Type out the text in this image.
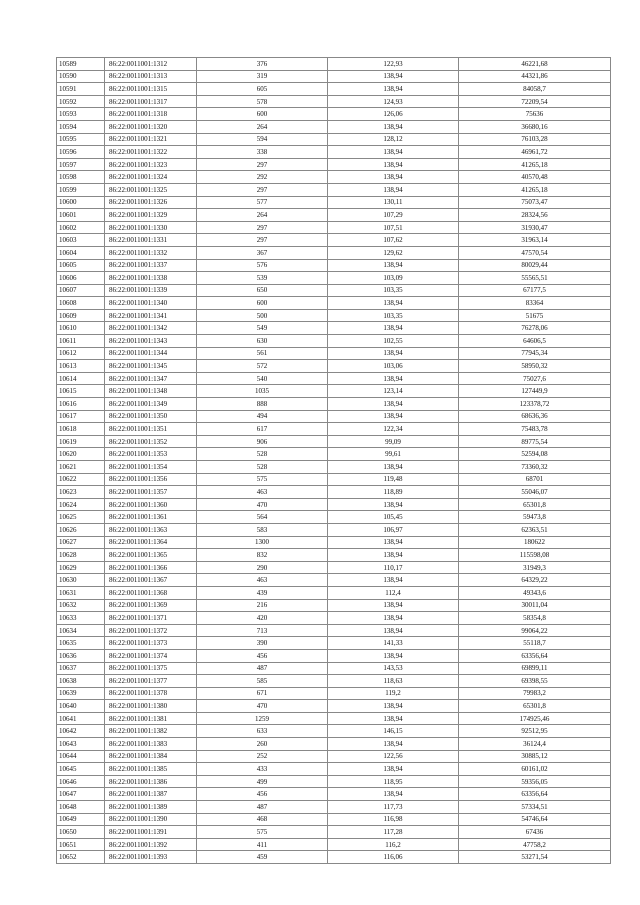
10589	86:22:0011001:1312	376	122,93	46221,68
10590	86:22:0011001:1313	319	138,94	44321,86
10591	86:22:0011001:1315	605	138,94	84058,7
10592	86:22:0011001:1317	578	124,93	72209,54
10593	86:22:0011001:1318	600	126,06	75636
10594	86:22:0011001:1320	264	138,94	36680,16
10595	86:22:0011001:1321	594	128,12	76103,28
10596	86:22:0011001:1322	338	138,94	46961,72
10597	86:22:0011001:1323	297	138,94	41265,18
10598	86:22:0011001:1324	292	138,94	40570,48
10599	86:22:0011001:1325	297	138,94	41265,18
10600	86:22:0011001:1326	577	130,11	75073,47
10601	86:22:0011001:1329	264	107,29	28324,56
10602	86:22:0011001:1330	297	107,51	31930,47
10603	86:22:0011001:1331	297	107,62	31963,14
10604	86:22:0011001:1332	367	129,62	47570,54
10605	86:22:0011001:1337	576	138,94	80029,44
10606	86:22:0011001:1338	539	103,09	55565,51
10607	86:22:0011001:1339	650	103,35	67177,5
10608	86:22:0011001:1340	600	138,94	83364
10609	86:22:0011001:1341	500	103,35	51675
10610	86:22:0011001:1342	549	138,94	76278,06
10611	86:22:0011001:1343	630	102,55	64606,5
10612	86:22:0011001:1344	561	138,94	77945,34
10613	86:22:0011001:1345	572	103,06	58950,32
10614	86:22:0011001:1347	540	138,94	75027,6
10615	86:22:0011001:1348	1035	123,14	127449,9
10616	86:22:0011001:1349	888	138,94	123378,72
10617	86:22:0011001:1350	494	138,94	68636,36
10618	86:22:0011001:1351	617	122,34	75483,78
10619	86:22:0011001:1352	906	99,09	89775,54
10620	86:22:0011001:1353	528	99,61	52594,08
10621	86:22:0011001:1354	528	138,94	73360,32
10622	86:22:0011001:1356	575	119,48	68701
10623	86:22:0011001:1357	463	118,89	55046,07
10624	86:22:0011001:1360	470	138,94	65301,8
10625	86:22:0011001:1361	564	105,45	59473,8
10626	86:22:0011001:1363	583	106,97	62363,51
10627	86:22:0011001:1364	1300	138,94	180622
10628	86:22:0011001:1365	832	138,94	115598,08
10629	86:22:0011001:1366	290	110,17	31949,3
10630	86:22:0011001:1367	463	138,94	64329,22
10631	86:22:0011001:1368	439	112,4	49343,6
10632	86:22:0011001:1369	216	138,94	30011,04
10633	86:22:0011001:1371	420	138,94	58354,8
10634	86:22:0011001:1372	713	138,94	99064,22
10635	86:22:0011001:1373	390	141,33	55118,7
10636	86:22:0011001:1374	456	138,94	63356,64
10637	86:22:0011001:1375	487	143,53	69899,11
10638	86:22:0011001:1377	585	118,63	69398,55
10639	86:22:0011001:1378	671	119,2	79983,2
10640	86:22:0011001:1380	470	138,94	65301,8
10641	86:22:0011001:1381	1259	138,94	174925,46
10642	86:22:0011001:1382	633	146,15	92512,95
10643	86:22:0011001:1383	260	138,94	36124,4
10644	86:22:0011001:1384	252	122,56	30885,12
10645	86:22:0011001:1385	433	138,94	60161,02
10646	86:22:0011001:1386	499	118,95	59356,05
10647	86:22:0011001:1387	456	138,94	63356,64
10648	86:22:0011001:1389	487	117,73	57334,51
10649	86:22:0011001:1390	468	116,98	54746,64
10650	86:22:0011001:1391	575	117,28	67436
10651	86:22:0011001:1392	411	116,2	47758,2
10652	86:22:0011001:1393	459	116,06	53271,54
